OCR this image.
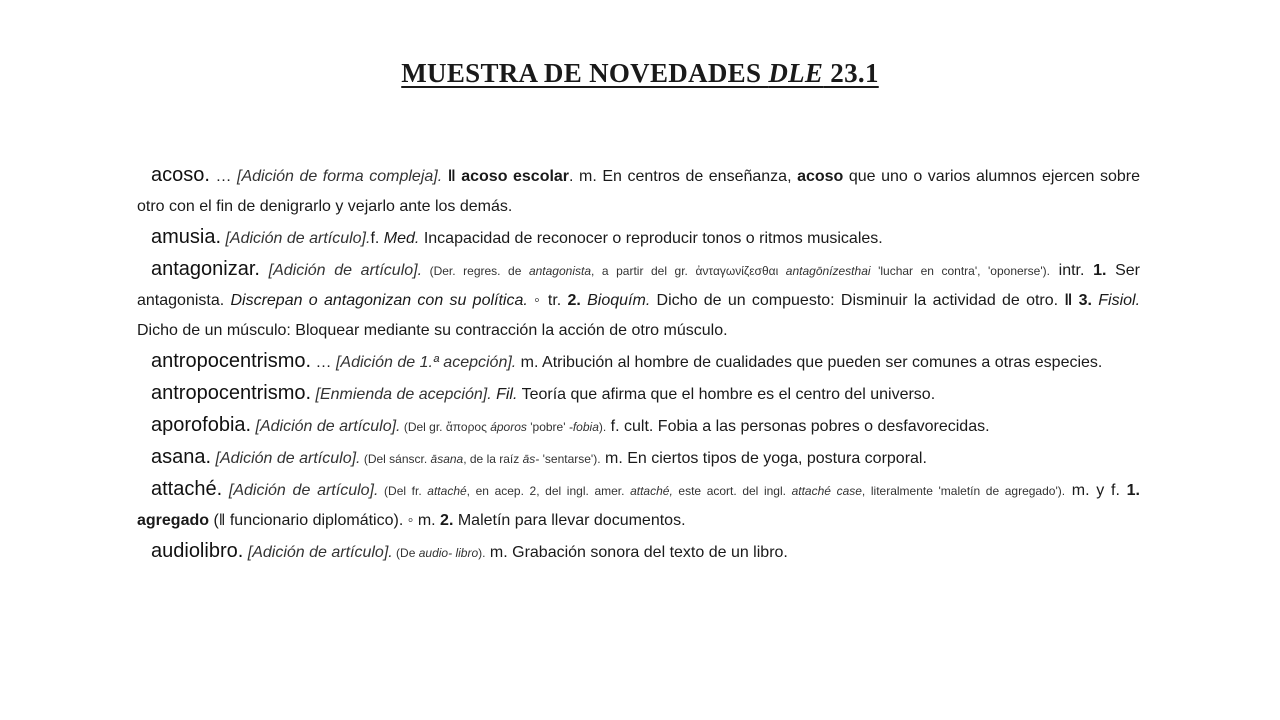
MUESTRA DE NOVEDADES DLE 23.1

acoso. … [Adición de forma compleja]. ‖ acoso escolar. m. En centros de enseñanza, acoso que uno o varios alumnos ejercen sobre otro con el fin de denigrarlo y vejarlo ante los demás.

amusia. [Adición de artículo].f. Med. Incapacidad de reconocer o reproducir tonos o ritmos musicales.

antagonizar. [Adición de artículo]. (Der. regres. de antagonista, a partir del gr. ἀνταγωνίζεσθαι antagōnízesthai 'luchar en contra', 'oponerse'). intr. 1. Ser antagonista. Discrepan o antagonizan con su política. ◦ tr. 2. Bioquím. Dicho de un compuesto: Disminuir la actividad de otro. ‖ 3. Fisiol. Dicho de un músculo: Bloquear mediante su contracción la acción de otro músculo.

antropocentrismo. … [Adición de 1.ª acepción]. m. Atribución al hombre de cualidades que pueden ser comunes a otras especies.

antropocentrismo. [Enmienda de acepción]. Fil. Teoría que afirma que el hombre es el centro del universo.

aporofobia. [Adición de artículo]. (Del gr. ἄπορος áporos 'pobre' ‑fobia). f. cult. Fobia a las personas pobres o desfavorecidas.

asana. [Adición de artículo]. (Del sánscr. āsana, de la raíz ās- 'sentarse'). m. En ciertos tipos de yoga, postura corporal.

attaché. [Adición de artículo]. (Del fr. attaché, en acep. 2, del ingl. amer. attaché, este acort. del ingl. attaché case, literalmente 'maletín de agregado'). m. y f. 1. agregado (‖ funcionario diplomático). ◦ m. 2. Maletín para llevar documentos.

audiolibro. [Adición de artículo]. (De audio- libro). m. Grabación sonora del texto de un libro.
